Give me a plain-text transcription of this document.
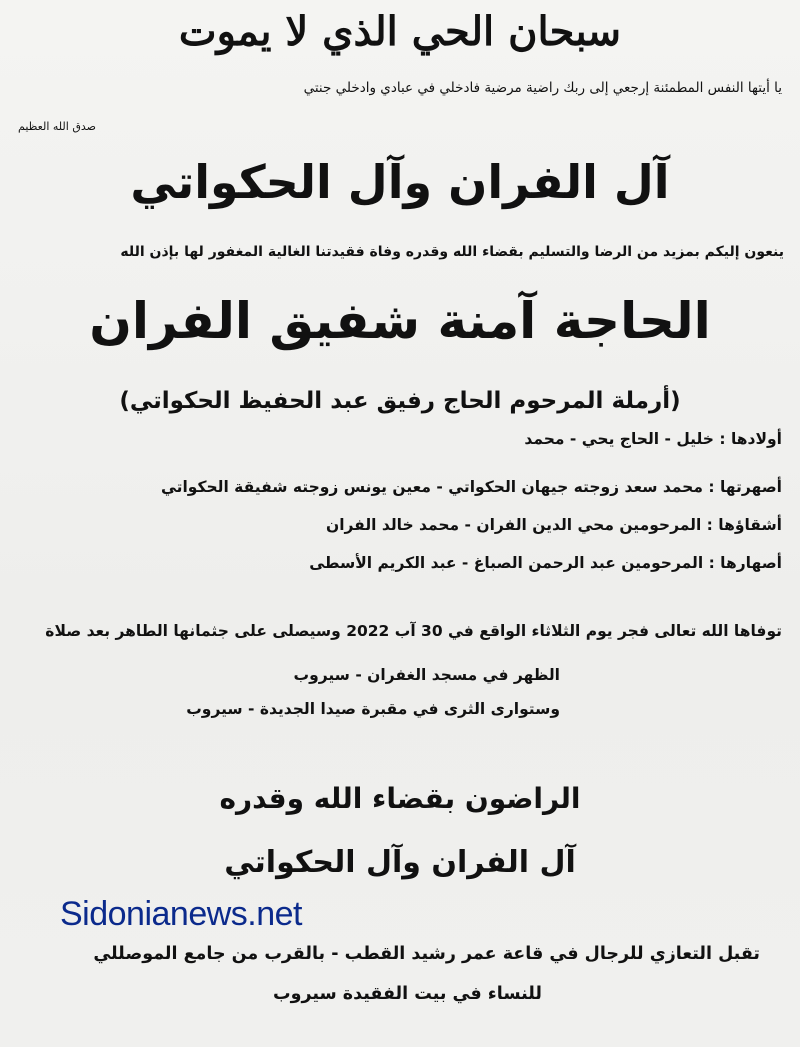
سبحان الحي الذي لا يموت
يا أيتها النفس المطمئنة إرجعي إلى ربك راضية مرضية فادخلي في عبادي وادخلي جنتي
صدق الله العظيم
آل الفران وآل الحكواتي
ينعون إليكم بمزيد من الرضا والتسليم بقضاء الله وقدره وفاة فقيدتنا الغالية المغفور لها بإذن الله
الحاجة آمنة شفيق الفران
(أرملة المرحوم الحاج رفيق عبد الحفيظ الحكواتي)
أولادها : خليل - الحاج يحي - محمد
أصهرتها : محمد سعد زوجته جيهان الحكواتي - معين يونس زوجته شفيقة الحكواتي
أشقاؤها : المرحومين محي الدين الفران - محمد خالد الفران
أصهارها : المرحومين عبد الرحمن الصباغ - عبد الكريم الأسطى
توفاها الله تعالى فجر يوم الثلاثاء الواقع في 30 آب 2022 وسيصلى على جثمانها الطاهر بعد صلاة
الظهر في مسجد الغفران - سيروب
وستوارى الثرى في مقبرة صيدا الجديدة - سيروب
الراضون بقضاء الله وقدره
آل الفران وآل الحكواتي
Sidonianews.net
تقبل التعازي للرجال في قاعة عمر رشيد القطب - بالقرب من جامع الموصللي
للنساء في بيت الفقيدة سيروب
